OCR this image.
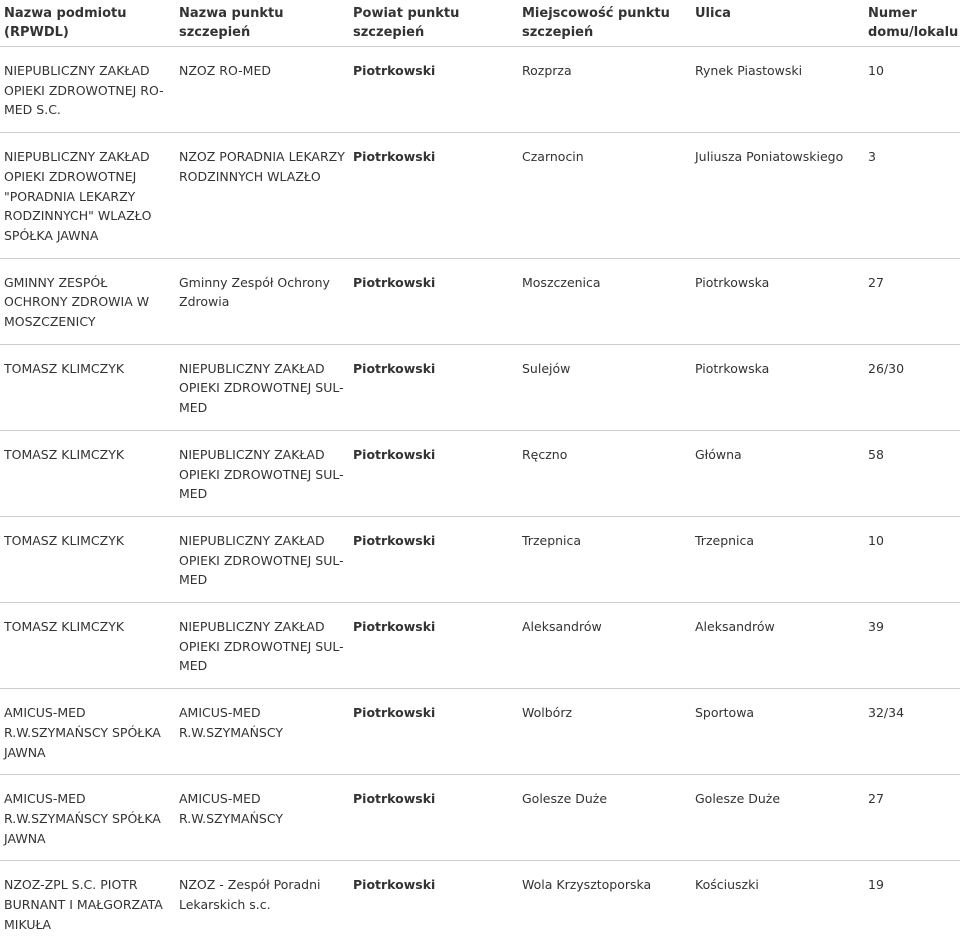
Nazwa podmiotu (RPWDL)	Nazwa punktu szczepień	Powiat punktu szczepień	Miejscowość punktu szczepień	Ulica	Numer domu/lokalu
NIEPUBLICZNY ZAKŁAD OPIEKI ZDROWOTNEJ RO-MED S.C.	NZOZ RO-MED	Piotrkowski	Rozprza	Rynek Piastowski	10
NIEPUBLICZNY ZAKŁAD OPIEKI ZDROWOTNEJ "PORADNIA LEKARZY RODZINNYCH" WLAZŁO SPÓŁKA JAWNA	NZOZ PORADNIA LEKARZY RODZINNYCH WLAZŁO	Piotrkowski	Czarnocin	Juliusza Poniatowskiego	3
GMINNY ZESPÓŁ OCHRONY ZDROWIA W MOSZCZENICY	Gminny Zespół Ochrony Zdrowia	Piotrkowski	Moszczenica	Piotrkowska	27
TOMASZ KLIMCZYK	NIEPUBLICZNY ZAKŁAD OPIEKI ZDROWOTNEJ SUL-MED	Piotrkowski	Sulejów	Piotrkowska	26/30
TOMASZ KLIMCZYK	NIEPUBLICZNY ZAKŁAD OPIEKI ZDROWOTNEJ SUL-MED	Piotrkowski	Ręczno	Główna	58
TOMASZ KLIMCZYK	NIEPUBLICZNY ZAKŁAD OPIEKI ZDROWOTNEJ SUL-MED	Piotrkowski	Trzepnica	Trzepnica	10
TOMASZ KLIMCZYK	NIEPUBLICZNY ZAKŁAD OPIEKI ZDROWOTNEJ SUL-MED	Piotrkowski	Aleksandrów	Aleksandrów	39
AMICUS-MED R.W.SZYMAŃSCY SPÓŁKA JAWNA	AMICUS-MED R.W.SZYMAŃSCY	Piotrkowski	Wolbórz	Sportowa	32/34
AMICUS-MED R.W.SZYMAŃSCY SPÓŁKA JAWNA	AMICUS-MED R.W.SZYMAŃSCY	Piotrkowski	Golesze Duże	Golesze Duże	27
NZOZ-ZPL S.C. PIOTR BURNANT I MAŁGORZATA MIKUŁA	NZOZ - Zespół Poradni Lekarskich s.c.	Piotrkowski	Wola Krzysztoporska	Kościuszki	19
